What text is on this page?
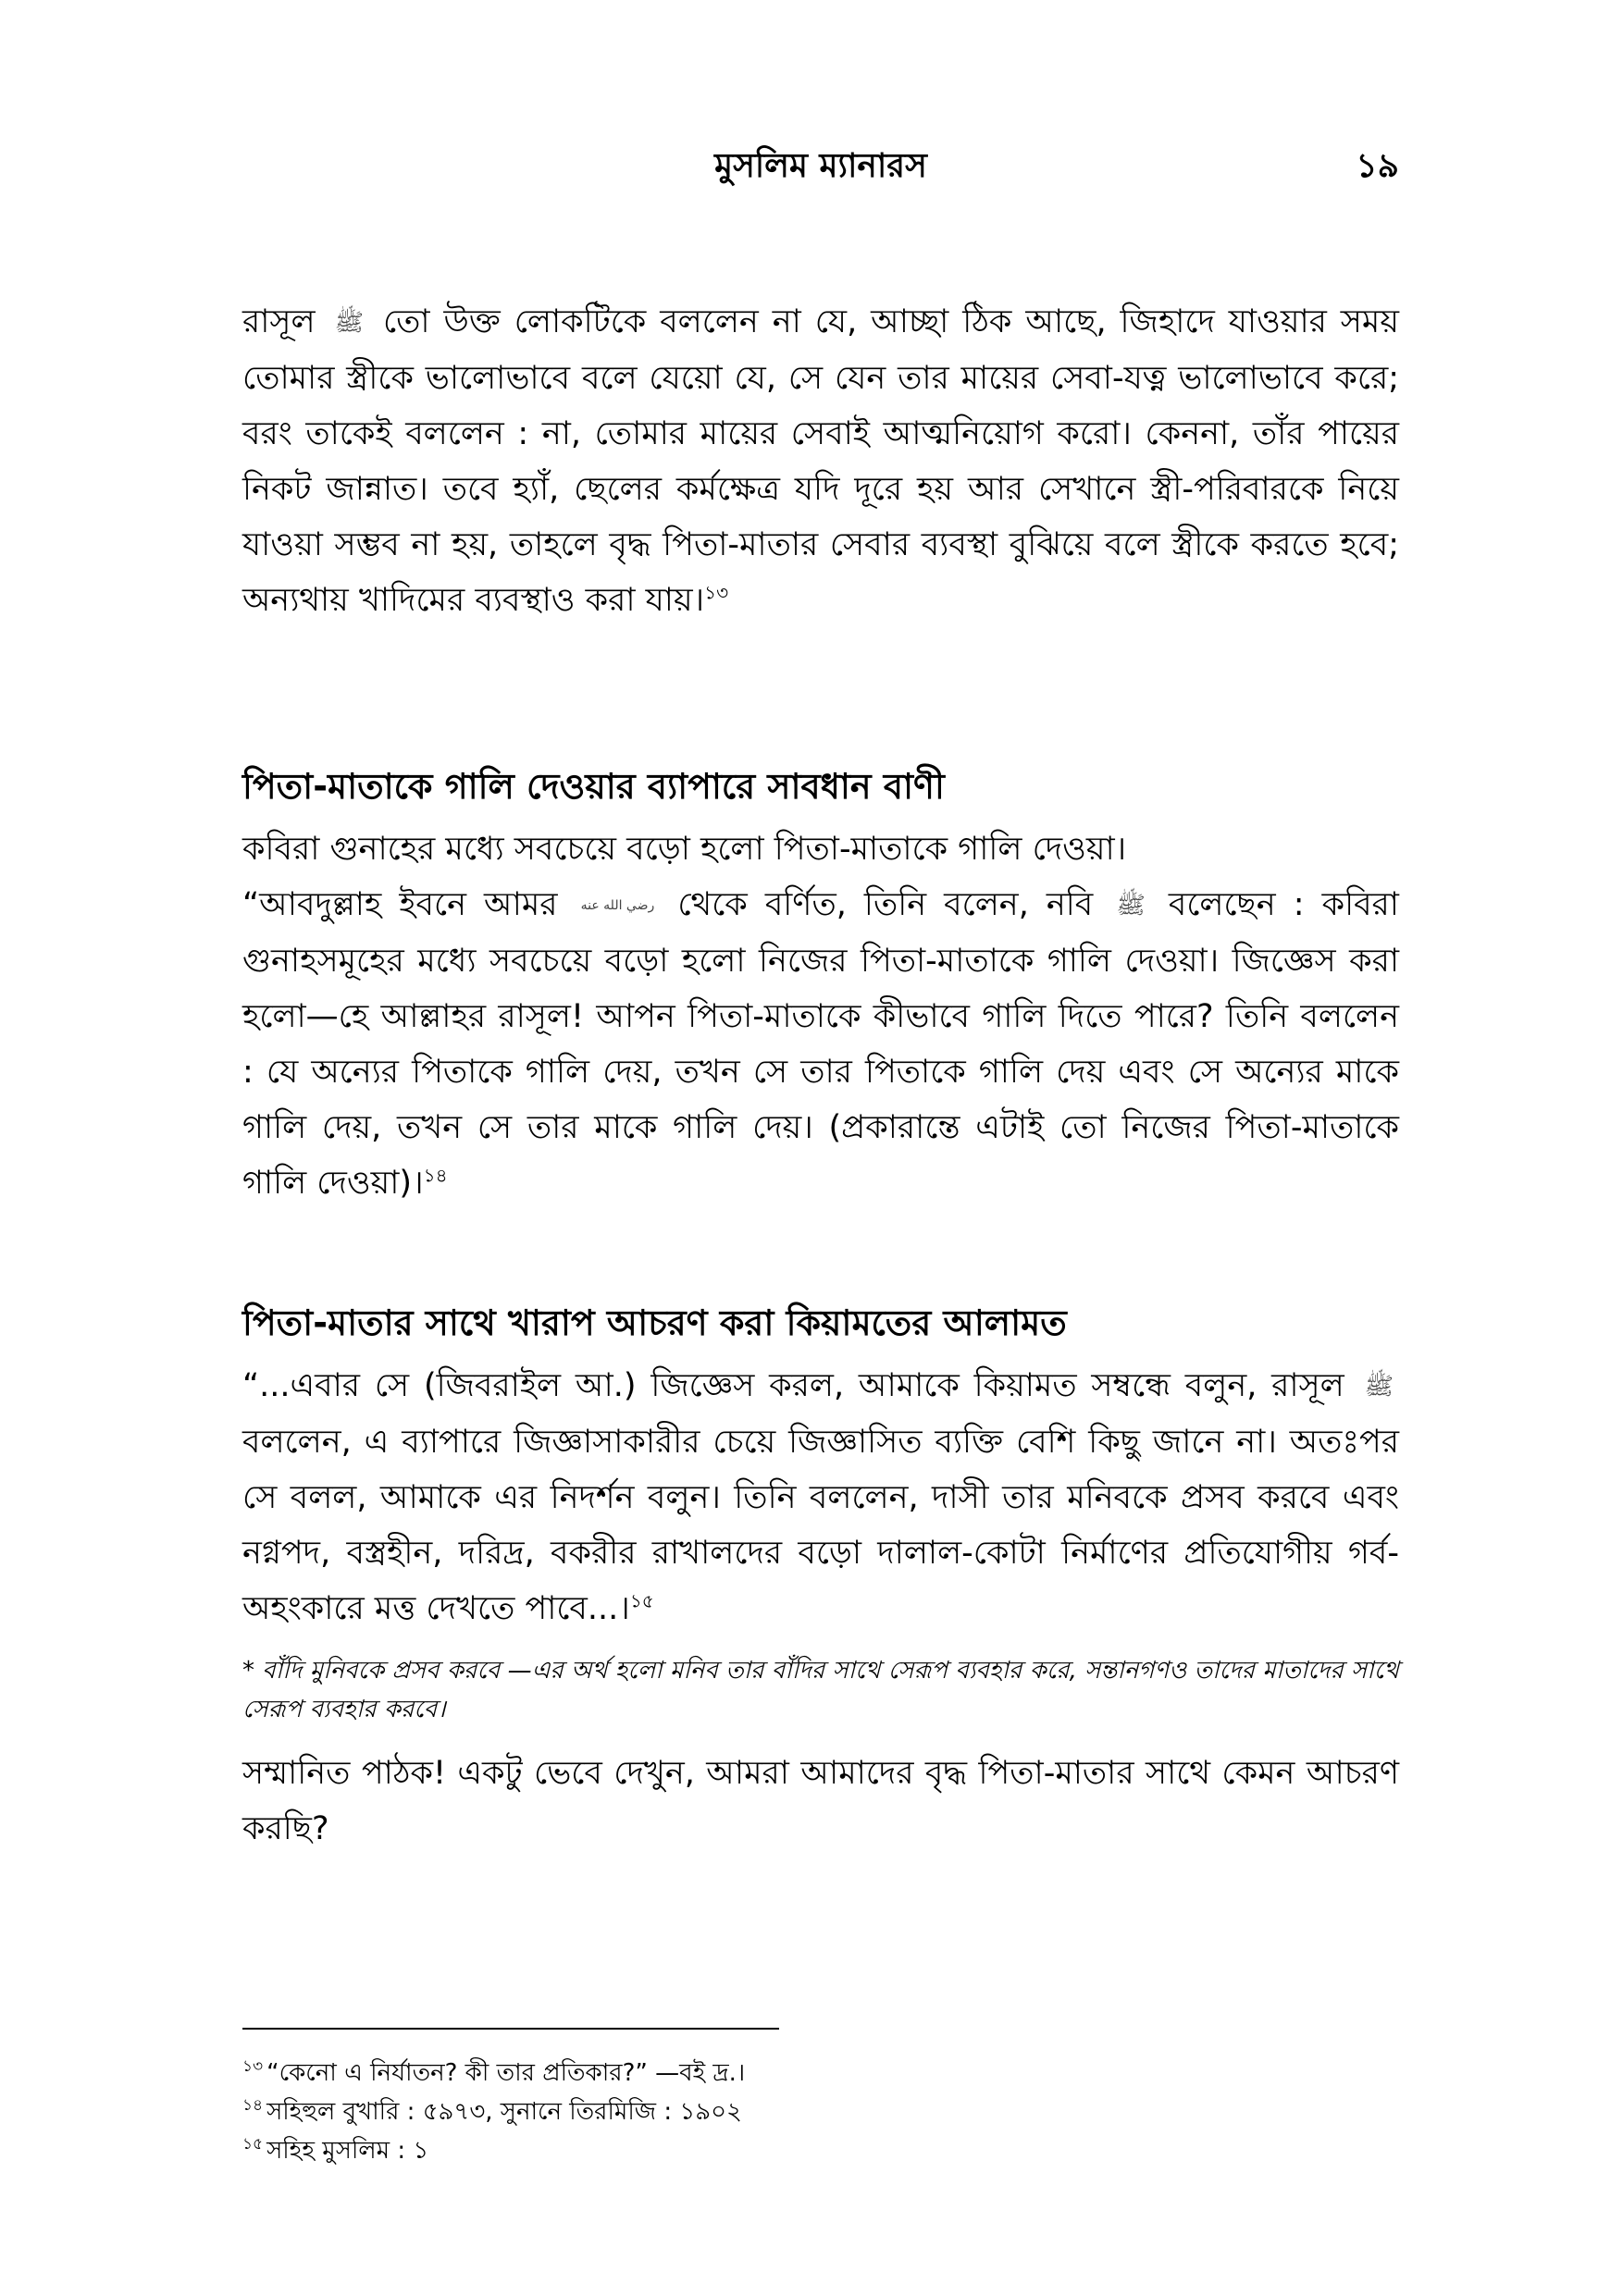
মুসলিম ম্যানারস	১৯

রাসূল ﷺ তো উক্ত লোকটিকে বললেন না যে, আচ্ছা ঠিক আছে, জিহাদে যাওয়ার সময় তোমার স্ত্রীকে ভালোভাবে বলে যেয়ো যে, সে যেন তার মায়ের সেবা-যত্ন ভালোভাবে করে; বরং তাকেই বললেন : না, তোমার মায়ের সেবাই আত্মনিয়োগ করো। কেননা, তাঁর পায়ের নিকট জান্নাত। তবে হ্যাঁ, ছেলের কর্মক্ষেত্র যদি দূরে হয় আর সেখানে স্ত্রী-পরিবারকে নিয়ে যাওয়া সম্ভব না হয়, তাহলে বৃদ্ধ পিতা-মাতার সেবার ব্যবস্থা বুঝিয়ে বলে স্ত্রীকে করতে হবে; অন্যথায় খাদিমের ব্যবস্থাও করা যায়।$^{১৩}$

পিতা-মাতাকে গালি দেওয়ার ব্যাপারে সাবধান বাণী

কবিরা গুনাহের মধ্যে সবচেয়ে বড়ো হলো পিতা-মাতাকে গালি দেওয়া।

“আবদুল্লাহ ইবনে আমর رضي الله عنه থেকে বর্ণিত, তিনি বলেন, নবি ﷺ বলেছেন : কবিরা গুনাহসমূহের মধ্যে সবচেয়ে বড়ো হলো নিজের পিতা-মাতাকে গালি দেওয়া। জিজ্ঞেস করা হলো—হে আল্লাহর রাসূল! আপন পিতা-মাতাকে কীভাবে গালি দিতে পারে? তিনি বললেন : যে অন্যের পিতাকে গালি দেয়, তখন সে তার পিতাকে গালি দেয় এবং সে অন্যের মাকে গালি দেয়, তখন সে তার মাকে গালি দেয়। (প্রকারান্তে এটাই তো নিজের পিতা-মাতাকে গালি দেওয়া)।$^{১৪}$

পিতা-মাতার সাথে খারাপ আচরণ করা কিয়ামতের আলামত

“...এবার সে (জিবরাইল আ.) জিজ্ঞেস করল, আমাকে কিয়ামত সম্বন্ধে বলুন, রাসূল ﷺ বললেন, এ ব্যাপারে জিজ্ঞাসাকারীর চেয়ে জিজ্ঞাসিত ব্যক্তি বেশি কিছু জানে না। অতঃপর সে বলল, আমাকে এর নিদর্শন বলুন। তিনি বললেন, দাসী তার মনিবকে প্রসব করবে এবং নগ্নপদ, বস্ত্রহীন, দরিদ্র, বকরীর রাখালদের বড়ো দালাল-কোটা নির্মাণের প্রতিযোগীয় গর্ব-অহংকারে মত্ত দেখতে পাবে...।$^{১৫}$

* বাঁদি মুনিবকে প্রসব করবে —এর অর্থ হলো মনিব তার বাঁদির সাথে সেরূপ ব্যবহার করে, সন্তানগণও তাদের মাতাদের সাথে সেরূপ ব্যবহার করবে।

সম্মানিত পাঠক! একটু ভেবে দেখুন, আমরা আমাদের বৃদ্ধ পিতা-মাতার সাথে কেমন আচরণ করছি?

$^{১৩}$ “কেনো এ নির্যাতন? কী তার প্রতিকার?” —বই দ্র.।

$^{১৪}$ সহিহুল বুখারি : ৫৯৭৩, সুনানে তিরমিজি : ১৯০২

$^{১৫}$ সহিহ মুসলিম : ১
